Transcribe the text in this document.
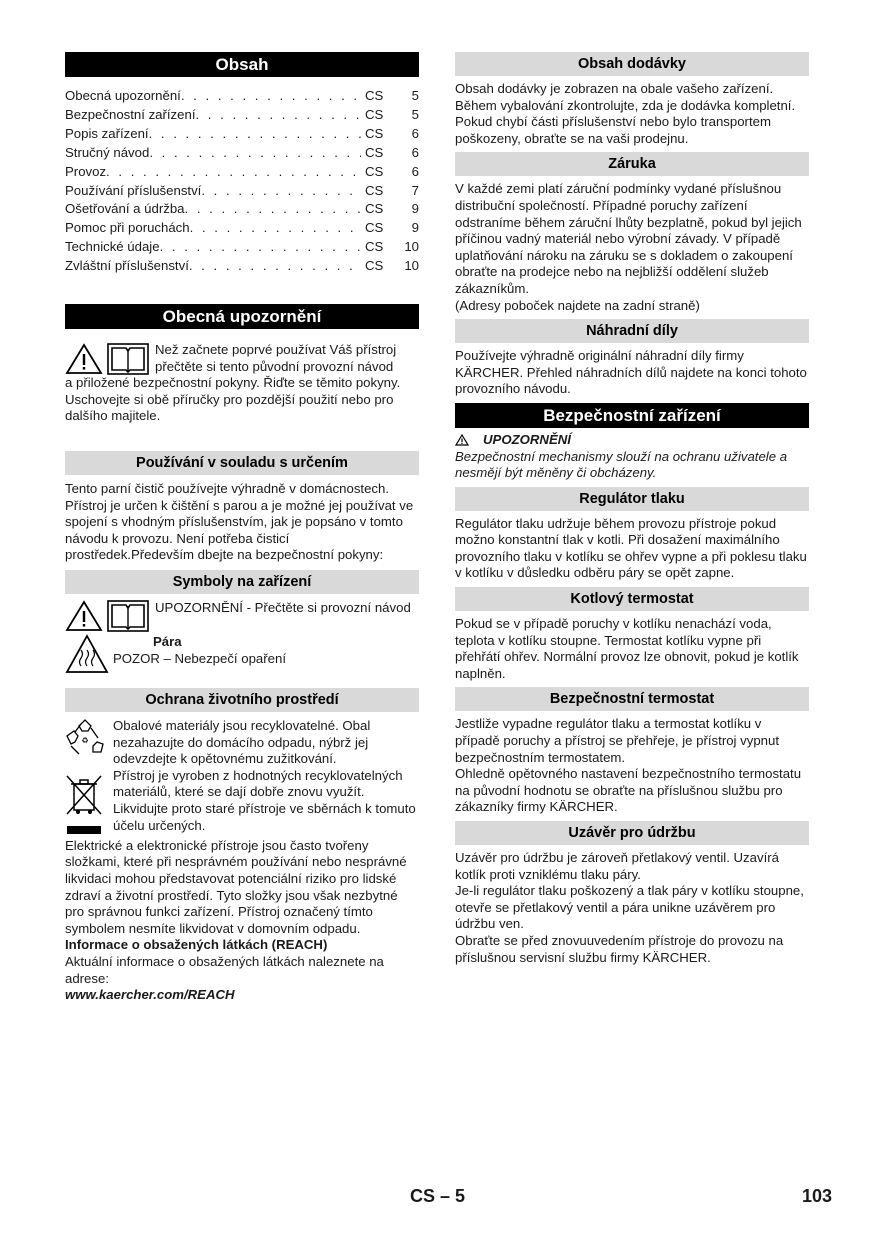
Obsah
Obecná upozornění . . .	CS	5
Bezpečnostní zařízení . . .	CS	5
Popis zařízení . . .	CS	6
Stručný návod . . .	CS	6
Provoz . . .	CS	6
Používání příslušenství . . .	CS	7
Ošetřování a údržba . . .	CS	9
Pomoc při poruchách . . .	CS	9
Technické údaje . . .	CS	10
Zvláštní příslušenství . . .	CS	10
Obecná upozornění

Než začnete poprvé používat Váš přístroj přečtěte si tento původní provozní návod

a přiložené bezpečnostní pokyny. Řiďte se těmito pokyny. Uschovejte si obě příručky pro pozdější použití nebo pro dalšího majitele.

Používání v souladu s určením

Tento parní čistič používejte výhradně v domácnostech. Přístroj je určen k čištění s parou a je možné jej používat ve spojení s vhodným příslušenstvím, jak je popsáno v tomto návodu k provozu. Není potřeba čisticí prostředek.Především dbejte na bezpečnostní pokyny:

Symboly na zařízení

UPOZORNĚNÍ - Přečtěte si provozní návod

Pára

POZOR – Nebezpečí opaření

Ochrana životního prostředí
♻

Obalové materiály jsou recyklovatelné. Obal nezahazujte do domácího odpadu, nýbrž jej odevzdejte k opětovnému zužitkování.

Přístroj je vyroben z hodnotných recyklovatelných materiálů, které se dají dobře znovu využít. Likvidujte proto staré přístroje ve sběrnách k tomuto účelu určených.

Elektrické a elektronické přístroje jsou často tvořeny složkami, které při nesprávném používání nebo nesprávné likvidaci mohou představovat potenciální riziko pro lidské zdraví a životní prostředí. Tyto složky jsou však nezbytné pro správnou funkci zařízení. Přístroj označený tímto symbolem nesmíte likvidovat v domovním odpadu.

Informace o obsažených látkách (REACH)

Aktuální informace o obsažených látkách naleznete na adrese:

www.kaercher.com/REACH

Obsah dodávky

Obsah dodávky je zobrazen na obale vašeho zařízení. Během vybalování zkontrolujte, zda je dodávka kompletní.

Pokud chybí části příslušenství nebo bylo transportem poškozeny, obraťte se na vaši prodejnu.

Záruka

V každé zemi platí záruční podmínky vydané příslušnou distribuční společností. Případné poruchy zařízení odstraníme během záruční lhůty bezplatně, pokud byl jejich příčinou vadný materiál nebo výrobní závady. V případě uplatňování nároku na záruku se s dokladem o zakoupení obraťte na prodejce nebo na nejbližší oddělení služeb zákazníkům.

(Adresy poboček najdete na zadní straně)

Náhradní díly

Používejte výhradně originální náhradní díly firmy KÄRCHER. Přehled náhradních dílů najdete na konci tohoto provozního návodu.

Bezpečnostní zařízení

UPOZORNĚNÍ

Bezpečnostní mechanismy slouží na ochranu uživatele a nesmějí být měněny či obcházeny.

Regulátor tlaku

Regulátor tlaku udržuje během provozu přístroje pokud možno konstantní tlak v kotli. Při dosažení maximálního provozního tlaku v kotlíku se ohřev vypne a při poklesu tlaku v kotlíku v důsledku odběru páry se opět zapne.

Kotlový termostat

Pokud se v případě poruchy v kotlíku nenachází voda, teplota v kotlíku stoupne. Termostat kotlíku vypne při přehřátí ohřev. Normální provoz lze obnovit, pokud je kotlík naplněn.

Bezpečnostní termostat

Jestliže vypadne regulátor tlaku a termostat kotlíku v případě poruchy a přístroj se přehřeje, je přístroj vypnut bezpečnostním termostatem.

Ohledně opětovného nastavení bezpečnostního termostatu na původní hodnotu se obraťte na příslušnou službu pro zákazníky firmy KÄRCHER.

Uzávěr pro údržbu

Uzávěr pro údržbu je zároveň přetlakový ventil. Uzavírá kotlík proti vzniklému tlaku páry.

Je-li regulátor tlaku poškozený a tlak páry v kotlíku stoupne, otevře se přetlakový ventil a pára unikne uzávěrem pro údržbu ven.

Obraťte se před znovuuvedením přístroje do provozu na příslušnou servisní službu firmy KÄRCHER.

CS – 5	103
